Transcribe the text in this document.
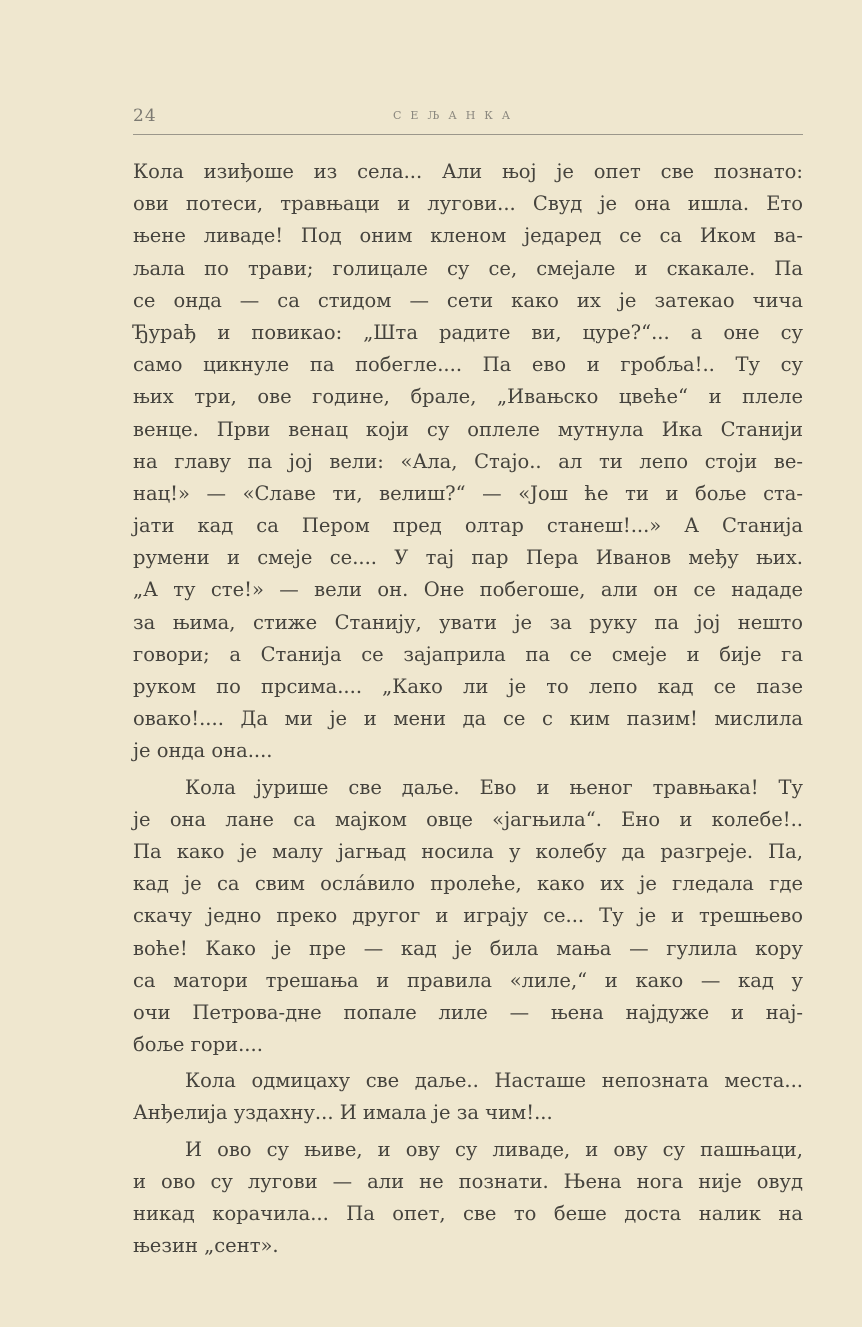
24	СЕЉАНКА
Кола изиђоше из села... Али њој је опет све познато:
ови потеси, травњаци и лугови... Свуд је она ишла. Ето
њене ливаде! Под оним кленом једаред се са Иком ва-
љала по трави; голицале су се, смејале и скакале. Па
се онда — са стидом — сети како их је затекао чича
Ђурађ и повикао: „Шта радите ви, цуре?“... а оне су
само цикнуле па побегле.... Па ево и гробља!.. Ту су
њих три, ове године, брале, „Ивањско цвеће“ и плеле
венце. Први венац који су оплеле мутнула Ика Станији
на главу па јој вели: «Ала, Стајо.. ал ти лепо стоји ве-
нац!» — «Славе ти, велиш?“ — «Још ће ти и боље ста-
јати кад са Пером пред олтар станеш!...» А Станија
румени и смеје се.... У тај пар Пера Иванов међу њих.
„А ту сте!» — вели он. Оне побегоше, али он се нададе
за њима, стиже Станију, увати је за руку па јој нешто
говори; а Станија се зајаприла па се смеје и бије га
руком по прсима.... „Како ли је то лепо кад се пазе
овако!.... Да ми је и мени да се с ким пазим! мислила
је онда она....
Кола јурише све даље. Ево и њеног травњака! Ту
је она лане са мајком овце «јагњила“. Ено и колебе!..
Па како је малу јагњад носила у колебу да разгреје. Па,
кад је са свим ослáвило пролеће, како их је гледала где
скачу једно преко другог и играју се... Ту је и трешњево
воће! Како је пре — кад је била мања — гулила кору
са матори трешања и правила «лиле,“ и како — кад у
очи Петрова-дне попале лиле — њена најдуже и нај-
боље гори....
Кола одмицаху све даље.. Насташе непозната места...
Анђелија уздахну... И имала је за чим!...
И ово су њиве, и ову су ливаде, и ову су пашњаци,
и ово су лугови — али не познати. Њена нога није овуд
никад корачила... Па опет, све то беше доста налик на
њезин „сент».
